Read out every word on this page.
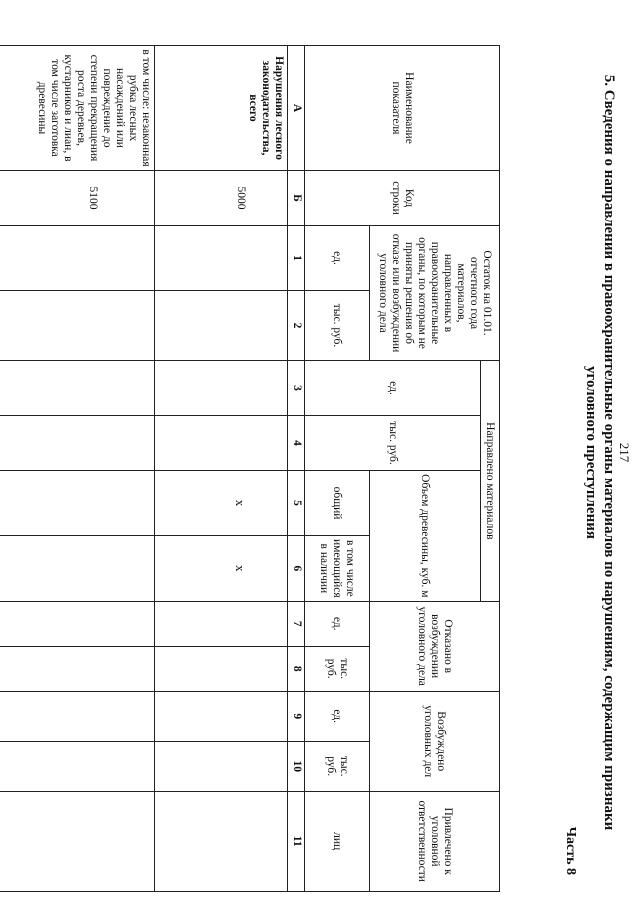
217
5. Сведения о направлении в правоохранительные органы материалов по нарушениям, содержащим признаки уголовного преступления
Часть 8
Наименование показателя	Код строки	Остаток на 01.01. отчетного года материалов, направленных в правоохранительные органы, по которым не приняты решения об отказе или возбуждении уголовного дела		Направлено материалов				Отказано в возбуждении уголовного дела		Возбуждено уголовных дел		Привлечено к уголовной ответственности
				ед.	тыс. руб.	Объем древесины, куб. м						
		ед.	тыс. руб.			общий	в том числе имеющийся в наличии	ед.	тыс. руб.	ед.	тыс. руб.	лиц
А	Б	1	2	3	4	5	6	7	8	9	10	11
Нарушения лесного законодательства, всего	5000					х	х					
в том числе: незаконная рубка лесных насаждений или повреждение до степени прекращения роста деревьев, кустарников и лиан, в том числе заготовка древесины	5100											
